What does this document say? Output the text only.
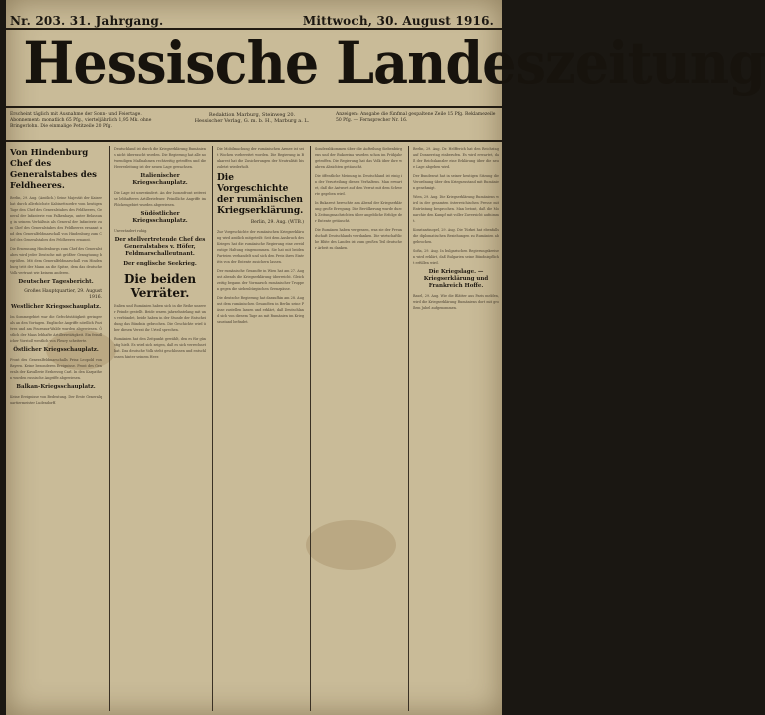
Nr. 203. 31. Jahrgang.	Mittwoch, 30. August 1916.
Hessische Landeszeitung
Erscheint täglich mit Ausnahme der Sonn- und Feiertage. Abonnement: monatlich 65 Pfg., vierteljährlich 1,95 Mk. ohne Bringerlohn. Die einmalige Petitzeile 20 Pfg.
Redaktion Marburg, Steinweg 20.
Hessischer Verlag, G. m. b. H., Marburg a. L.
Anzeigen: Ansgabe die fünfmal gespaltene Zeile 15 Pfg. Reklamezeile 50 Pfg. — Fernsprecher Nr. 16.
Von Hindenburg Chef des Generalstabes des Feldheeres.

Berlin, 29. Aug. (Amtlich.) Seine Majestät der Kaiser hat durch allerhöchste Kabinettsordre vom heutigen Tage den Chef des Generalstabes des Feldheeres, General der Infanterie von Falkenhayn, unter Belassung in seinem Verhältnis als General der Infanterie zum Chef des Generalstabes des Feldheeres ernannt und den Generalfeldmarschall von Hindenburg zum Chef des Generalstabes des Feldheeres ernannt.

Die Ernennung Hindenburgs zum Chef des Generalstabes wird jeder Deutsche mit größter Genugtuung begrüßen. Mit dem Generalfeldmarschall von Hindenburg tritt der Mann an die Spitze, dem das deutsche Volk vertraut wie keinem anderen.

Deutscher Tagesbericht.
Großes Hauptquartier, 29. August 1916.
Westlicher Kriegsschauplatz.

Im Sommegebiet war die Gefechtstätigkeit geringer als an den Vortagen. Englische Angriffe nördlich Pozières und am Foureaux-Walde wurden abgewiesen. Östlich der Maas lebhafte Artillerietätigkeit. Ein feindlicher Vorstoß westlich von Fleury scheiterte.

Östlicher Kriegsschauplatz.

Front des Generalfeldmarschalls Prinz Leopold von Bayern. Keine besonderen Ereignisse. Front des Generals der Kavallerie Erzherzog Carl. In den Karpathen wurden russische Angriffe abgewiesen.

Balkan-Kriegsschauplatz.

Keine Ereignisse von Bedeutung. Der Erste Generalquartiermeister Ludendorff.

Deutschland ist durch die Kriegserklärung Rumäniens nicht überrascht worden. Die Regierung hat alle notwendigen Maßnahmen rechtzeitig getroffen und die Heeresleitung ist der neuen Lage gewachsen.

Italienischer Kriegsschauplatz.

Die Lage ist unverändert. An der Isonzofront zeitweise lebhafteres Artilleriefeuer. Feindliche Angriffe im Plöckengebiet wurden abgewiesen.

Südöstlicher Kriegsschauplatz.

Unverändert ruhig.

Der stellvertretende Chef des Generalstabes v. Höfer, Feldmarschalleutnant.
Der englische Seekrieg.
Die beiden Verräter.

Italien und Rumänien haben sich in die Reihe unserer Feinde gestellt. Beide waren jahrzehntelang mit uns verbündet, beide haben in der Stunde der Entscheidung das Bündnis gebrochen. Die Geschichte wird über diesen Verrat ihr Urteil sprechen.

Rumänien hat den Zeitpunkt gewählt, den es für günstig hielt. Es wird sich zeigen, daß es sich verrechnet hat. Das deutsche Volk steht geschlossen und entschlossen hinter seinem Heer.

Die Mobilmachung der rumänischen Armee ist seit Wochen vorbereitet worden. Die Regierung in Bukarest hat die Zusicherungen der Neutralität bis zuletzt wiederholt.

Die Vorgeschichte der rumänischen Kriegserklärung.
Berlin, 29. Aug. (WTB.)

Zur Vorgeschichte der rumänischen Kriegserklärung wird amtlich mitgeteilt: Seit dem Ausbruch des Krieges hat die rumänische Regierung eine zweideutige Haltung eingenommen. Sie hat mit beiden Parteien verhandelt und sich den Preis ihres Eintritts von der Entente zusichern lassen.

Der rumänische Gesandte in Wien hat am 27. August abends die Kriegserklärung überreicht. Gleichzeitig begann der Vormarsch rumänischer Truppen gegen die siebenbürgischen Grenzpässe.

Die deutsche Regierung hat daraufhin am 28. August dem rumänischen Gesandten in Berlin seine Pässe zustellen lassen und erklärt, daß Deutschland sich von diesem Tage an mit Rumänien im Kriegszustand befindet.

Sonderabkommen über die Aufteilung Siebenbürgens und der Bukowina wurden schon im Frühjahr getroffen. Die Regierung hat das Volk über ihre wahren Absichten getäuscht.

Die öffentliche Meinung in Deutschland ist einig in der Verurteilung dieses Verhaltens. Man erwartet, daß die Antwort auf den Verrat mit dem Schwerte gegeben wird.

In Bukarest herrschte am Abend der Kriegserklärung große Erregung. Die Bevölkerung wurde durch Zeitungsnachrichten über angebliche Erfolge der Entente getäuscht.

Die Rumänen haben vergessen, was sie der Freundschaft Deutschlands verdanken. Die wirtschaftliche Blüte des Landes ist zum großen Teil deutscher Arbeit zu danken.

Berlin, 29. Aug. Dr. Helfferich hat den Reichstag auf Donnerstag einberufen. Es wird erwartet, daß der Reichskanzler eine Erklärung über die neue Lage abgeben wird.

Der Bundesrat hat in seiner heutigen Sitzung die Verordnung über den Kriegszustand mit Rumänien genehmigt.

Wien, 29. Aug. Die Kriegserklärung Rumäniens wird in der gesamten österreichischen Presse mit Entrüstung besprochen. Man betont, daß die Monarchie den Kampf mit voller Zuversicht aufnimmt.

Konstantinopel, 29. Aug. Die Türkei hat ebenfalls die diplomatischen Beziehungen zu Rumänien abgebrochen.

Sofia, 29. Aug. In bulgarischen Regierungskreisen wird erklärt, daß Bulgarien seine Bündnispflicht erfüllen wird.

Die Kriegslage. — Kriegserklärung und Frankreich Hoffe.

Basel, 29. Aug. Wie die Blätter aus Paris melden, wird die Kriegserklärung Rumäniens dort mit großem Jubel aufgenommen.
